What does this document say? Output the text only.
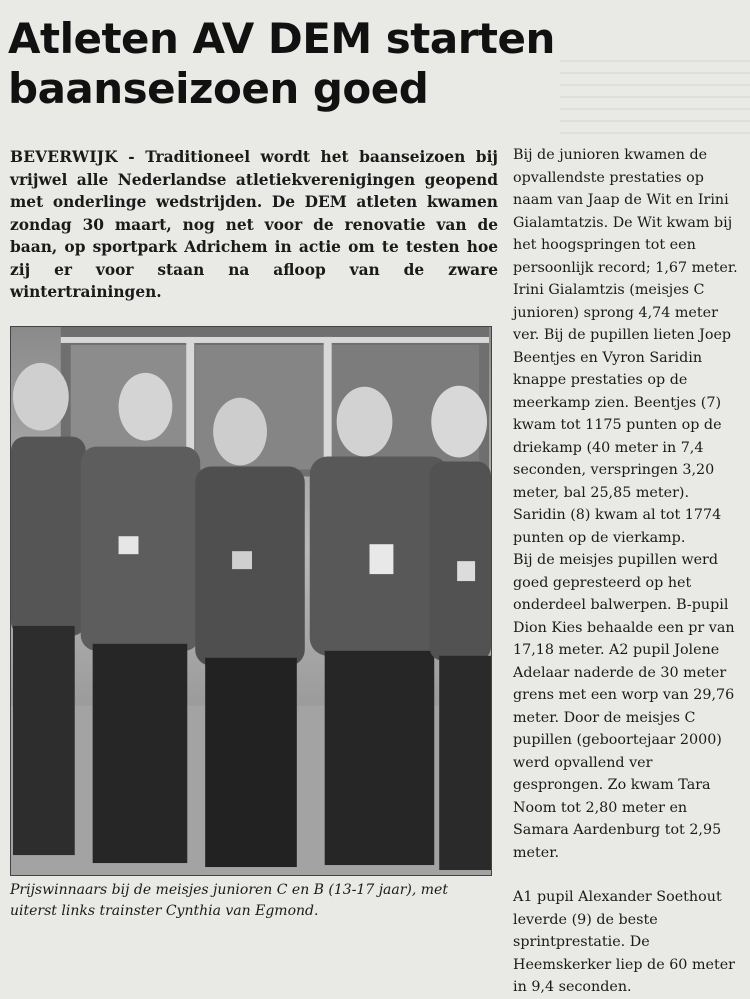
Atleten AV DEM starten
baanseizoen goed

BEVERWIJK - Traditioneel wordt het baanseizoen bij vrijwel alle Nederlandse atletiekverenigingen geopend met onderlinge wedstrijden. De DEM atleten kwamen zondag 30 maart, nog net voor de renovatie van de baan, op sportpark Adrichem in actie om te testen hoe zij er voor staan na afloop van de zware wintertrainingen.

Prijswinnaars bij de meisjes junioren C en B (13-17 jaar), met uiterst links trainster Cynthia van Egmond.

Bij de junioren kwamen de opvallendste prestaties op naam van Jaap de Wit en Irini Gialamtatzis. De Wit kwam bij het hoogspringen tot een persoonlijk record; 1,67 meter. Irini Gialamtzis (meisjes C junioren) sprong 4,74 meter ver. Bij de pupillen lieten Joep Beentjes en Vyron Saridin knappe prestaties op de meerkamp zien. Beentjes (7) kwam tot 1175 punten op de driekamp (40 meter in 7,4 seconden, verspringen 3,20 meter, bal 25,85 meter). Saridin (8) kwam al tot 1774 punten op de vierkamp.

Bij de meisjes pupillen werd goed gepresteerd op het onderdeel balwerpen. B-pupil Dion Kies behaalde een pr van 17,18 meter. A2 pupil Jolene Adelaar naderde de 30 meter grens met een worp van 29,76 meter. Door de meisjes C pupillen (geboortejaar 2000) werd opvallend ver gesprongen. Zo kwam Tara Noom tot 2,80 meter en Samara Aardenburg tot 2,95 meter.

A1 pupil Alexander Soethout leverde (9) de beste sprintprestatie. De Heemskerker liep de 60 meter in 9,4 seconden.
